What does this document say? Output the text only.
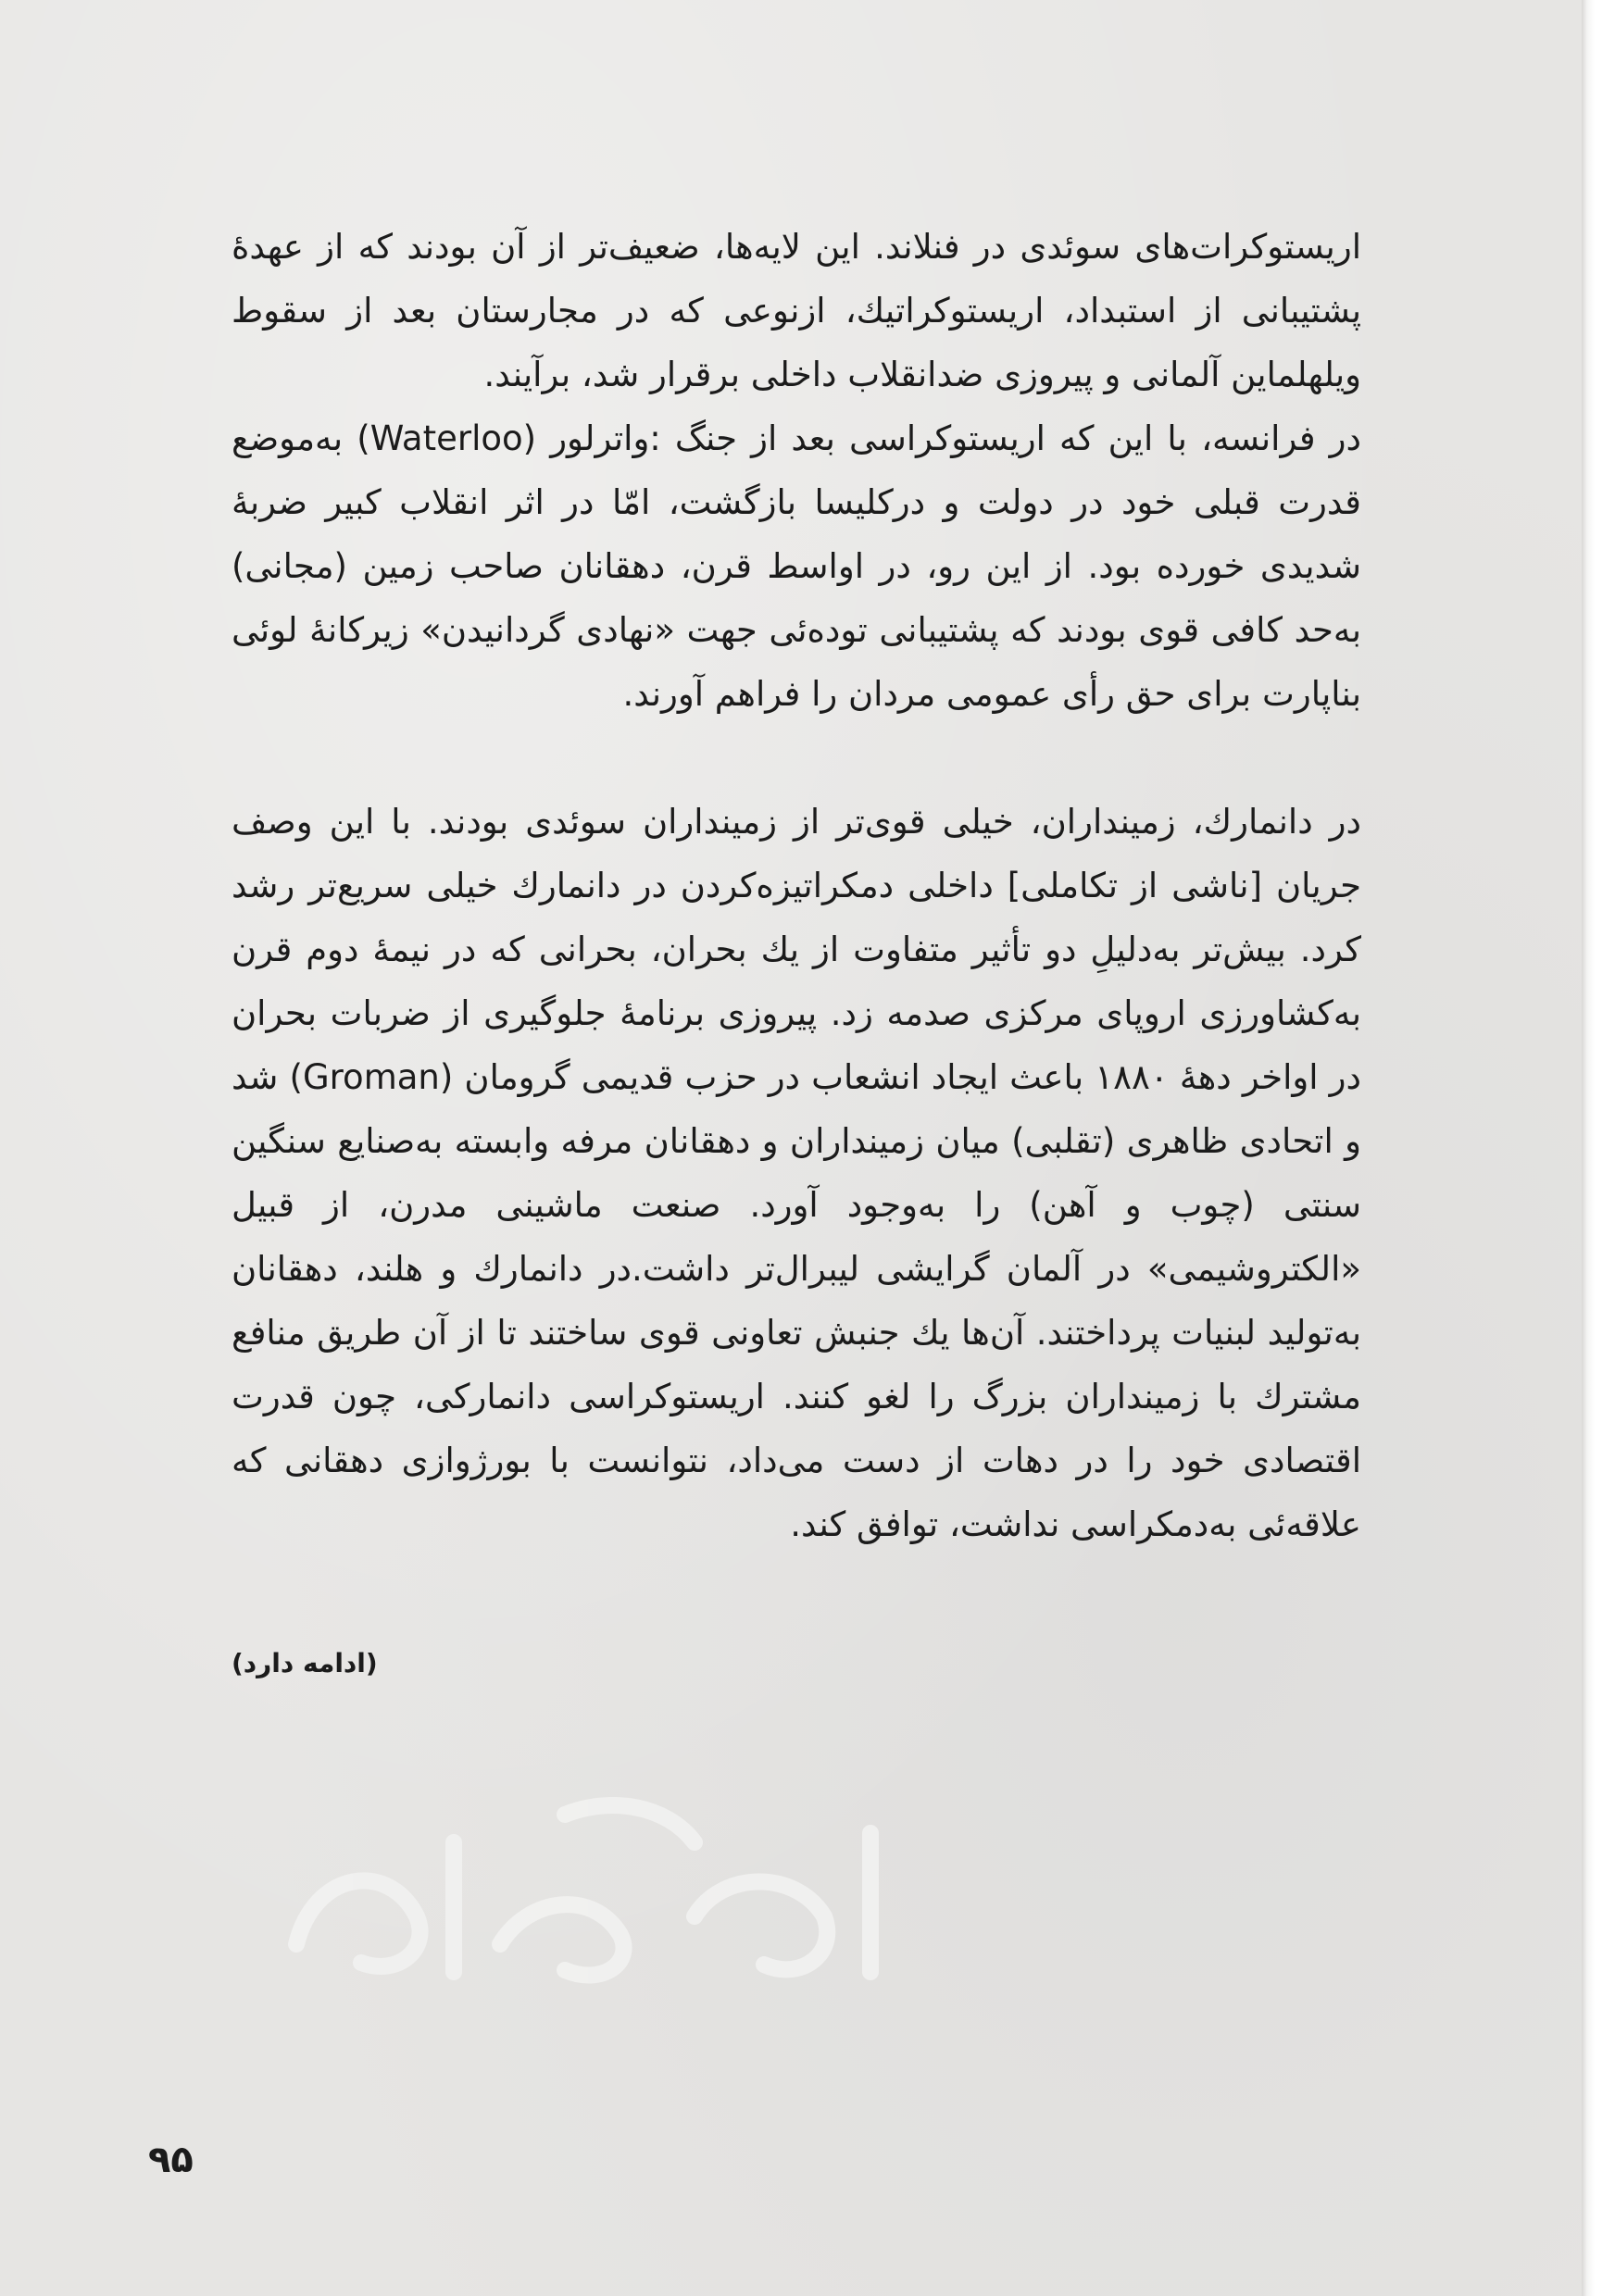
اریستوکرات‌های سوئدی در فنلاند. این لایه‌ها، ضعیف‌تر از آن بودند که از عهدهٔ پشتیبانی از استبداد، اریستوکراتیك، ازنوعی که در مجارستان بعد از سقوط ویلهلماین آلمانی و پیروزی ضدانقلاب داخلی برقرار شد، برآیند.

در فرانسه، با این که اریستوکراسی بعد از جنگ :واترلور (Waterloo) به‌موضع قدرت قبلی خود در دولت و درکلیسا بازگشت، امّا در اثر انقلاب کبیر ضربهٔ شدیدی خورده بود. از این رو، در اواسط قرن، دهقانان صاحب زمین (مجانی) به‌حد کافی قوی بودند که پشتیبانی توده‌ئی جهت «نهادی گردانیدن» زیرکانهٔ لوئی بناپارت برای حق رأی عمومی مردان را فراهم آورند.

در دانمارك، زمینداران، خیلی قوی‌تر از زمینداران سوئدی بودند. با این وصف جریان [ناشی از تکاملی] داخلی دمکراتیزه‌کردن در دانمارك خیلی سریع‌تر رشد کرد. بیش‌تر به‌دلیلِ دو تأثیر متفاوت از یك بحران، بحرانی که در نیمهٔ دوم قرن به‌کشاورزی اروپای مرکزی صدمه زد. پیروزی برنامهٔ جلوگیری از ضربات بحران در اواخر دههٔ ۱۸۸۰ باعث ایجاد انشعاب در حزب قدیمی گرومان (Groman) شد و اتحادی ظاهری (تقلبی) میان زمینداران و دهقانان مرفه وابسته به‌صنایع سنگین سنتی (چوب و آهن) را به‌وجود آورد. صنعت ماشینی مدرن، از قبیل «الکتروشیمی» در آلمان گرایشی لیبرال‌تر داشت.در دانمارك و هلند، دهقانان به‌تولید لبنیات پرداختند. آن‌ها یك جنبش تعاونی قوی ساختند تا از آن طریق منافع مشترك با زمینداران بزرگ را لغو کنند. اریستوکراسی دانمارکی، چون قدرت اقتصادی خود را در دهات از دست می‌داد، نتوانست با بورژوازی دهقانی که علاقه‌ئی به‌دمکراسی نداشت، توافق کند.

(ادامه دارد)
۹۵
